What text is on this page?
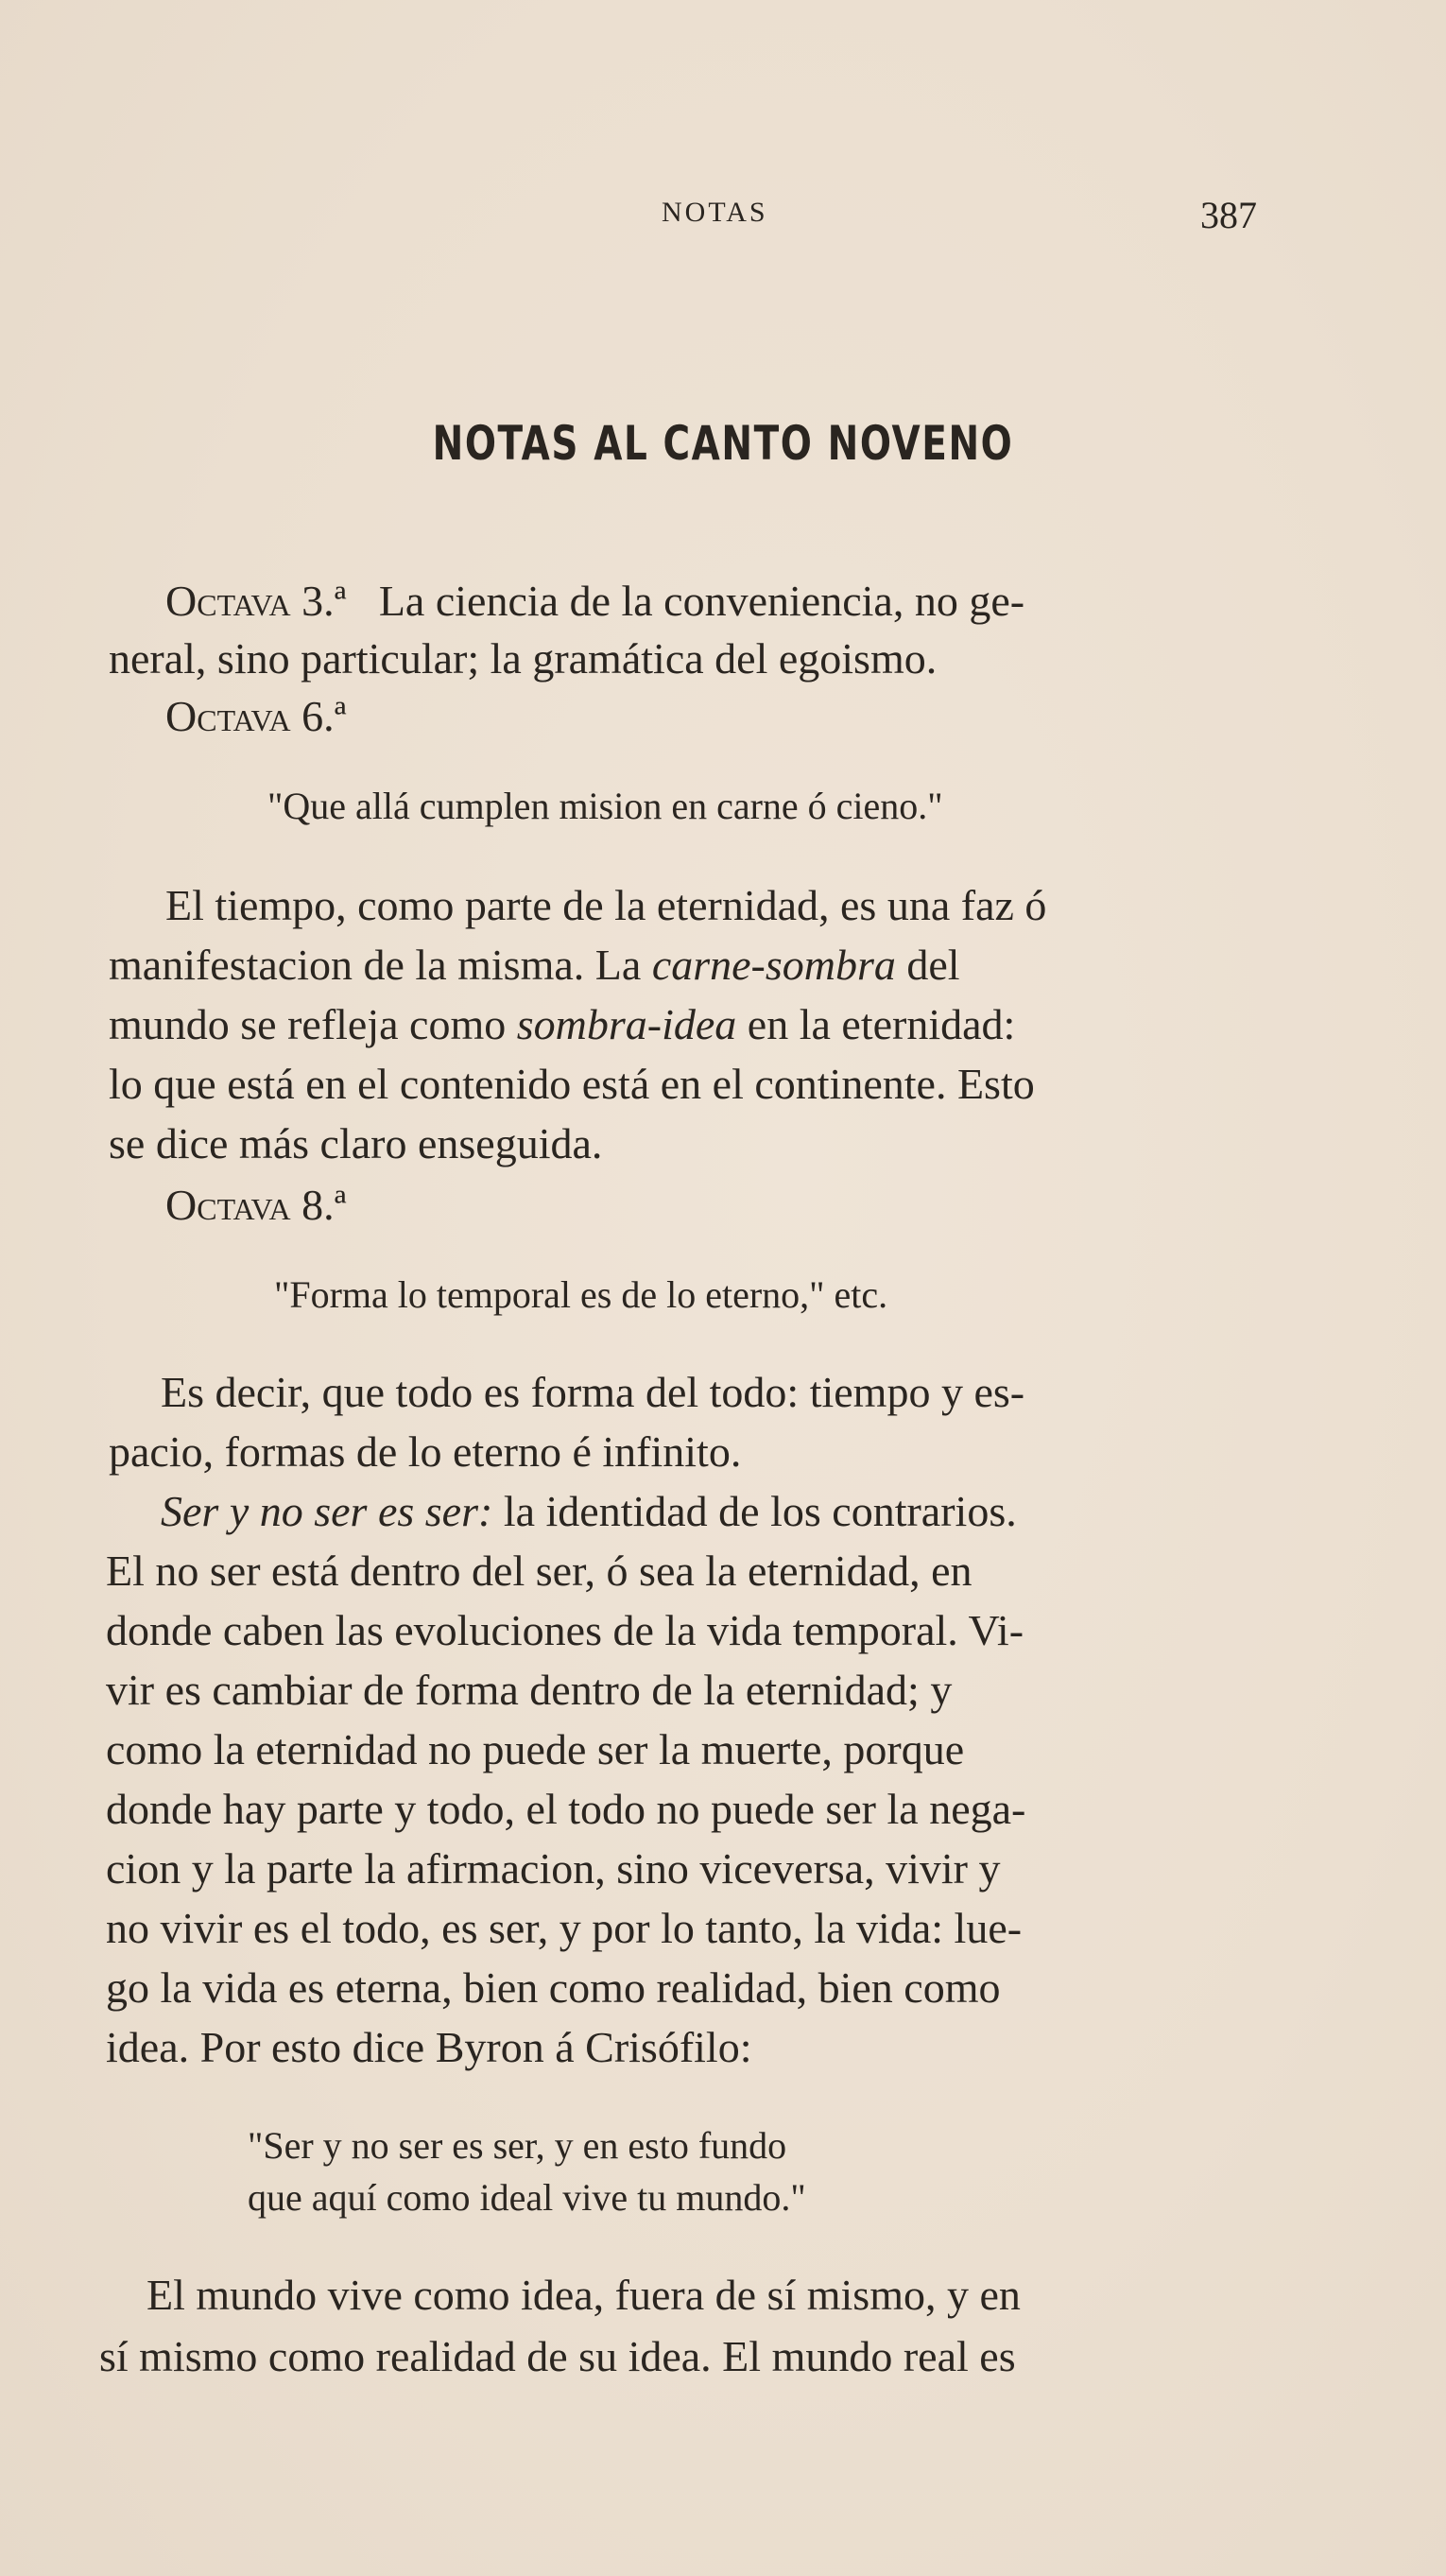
NOTAS	387
NOTAS AL CANTO NOVENO
Octava 3.ª La ciencia de la conveniencia, no ge-
neral, sino particular; la gramática del egoismo.
Octava 6.ª
"Que allá cumplen mision en carne ó cieno."
El tiempo, como parte de la eternidad, es una faz ó
manifestacion de la misma. La carne-sombra del
mundo se refleja como sombra-idea en la eternidad:
lo que está en el contenido está en el continente. Esto
se dice más claro enseguida.
Octava 8.ª
"Forma lo temporal es de lo eterno," etc.
Es decir, que todo es forma del todo: tiempo y es-
pacio, formas de lo eterno é infinito.
Ser y no ser es ser: la identidad de los contrarios.
El no ser está dentro del ser, ó sea la eternidad, en
donde caben las evoluciones de la vida temporal. Vi-
vir es cambiar de forma dentro de la eternidad; y
como la eternidad no puede ser la muerte, porque
donde hay parte y todo, el todo no puede ser la nega-
cion y la parte la afirmacion, sino viceversa, vivir y
no vivir es el todo, es ser, y por lo tanto, la vida: lue-
go la vida es eterna, bien como realidad, bien como
idea. Por esto dice Byron á Crisófilo:
"Ser y no ser es ser, y en esto fundo
que aquí como ideal vive tu mundo."
El mundo vive como idea, fuera de sí mismo, y en
sí mismo como realidad de su idea. El mundo real es
